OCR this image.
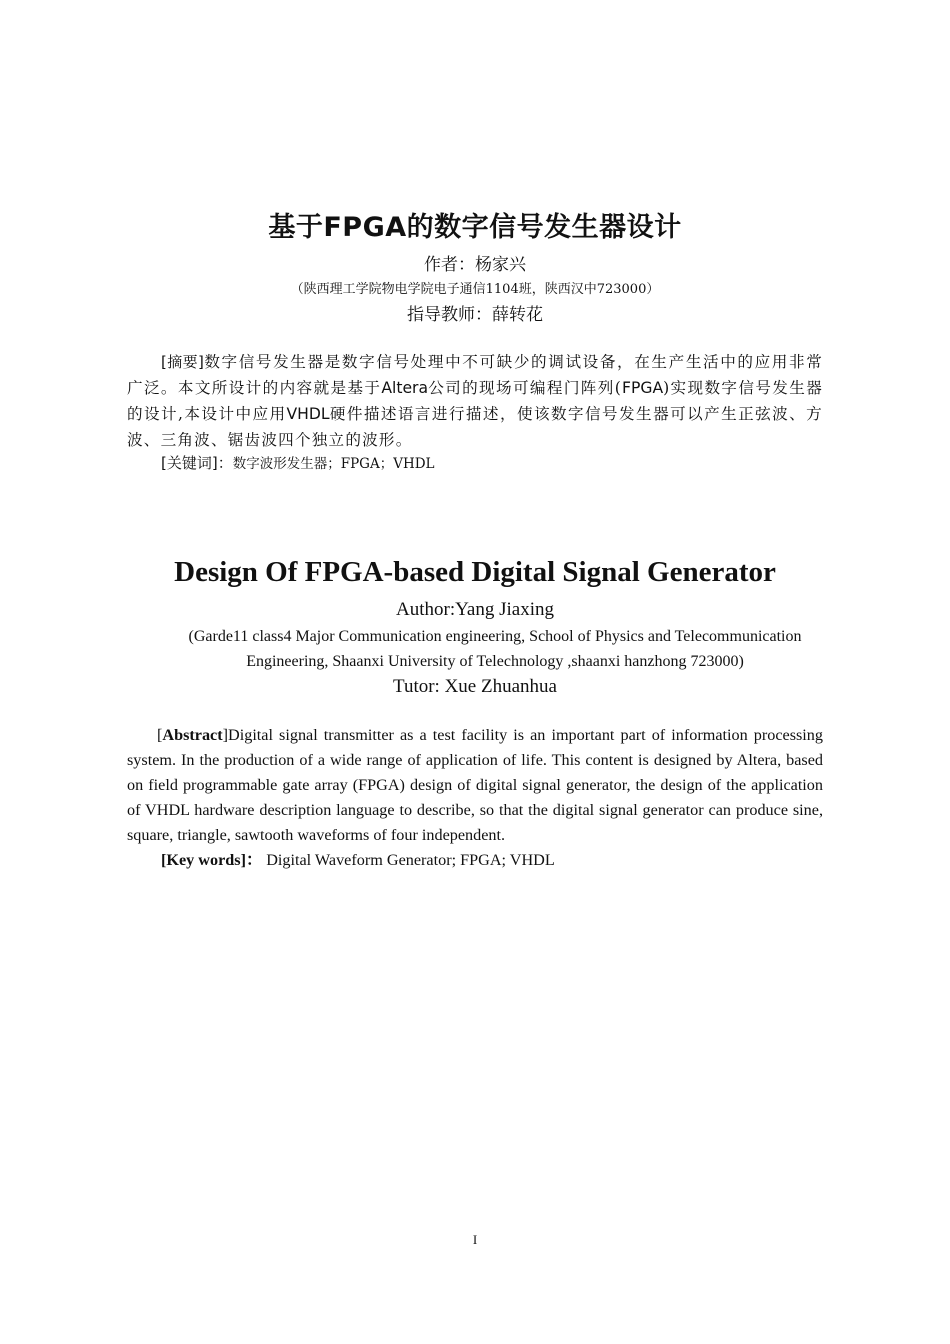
基于FPGA的数字信号发生器设计
作者：杨家兴
（陕西理工学院物电学院电子通信1104班，陕西汉中723000）
指导教师：薛转花

[摘要]数字信号发生器是数字信号处理中不可缺少的调试设备，在生产生活中的应用非常广泛。本文所设计的内容就是基于Altera公司的现场可编程门阵列(FPGA)实现数字信号发生器的设计,本设计中应用VHDL硬件描述语言进行描述，使该数字信号发生器可以产生正弦波、方波、三角波、锯齿波四个独立的波形。

[关键词]：数字波形发生器；FPGA；VHDL

Design Of FPGA-based Digital Signal Generator
Author:Yang Jiaxing

(Garde11 class4 Major Communication engineering, School of Physics and Telecommunication Engineering, Shaanxi University of Telechnology ,shaanxi hanzhong 723000)

Tutor: Xue Zhuanhua

[Abstract]Digital signal transmitter as a test facility is an important part of information processing system. In the production of a wide range of application of life. This content is designed by Altera, based on field programmable gate array (FPGA) design of digital signal generator, the design of the application of VHDL hardware description language to describe, so that the digital signal generator can produce sine, square, triangle, sawtooth waveforms of four independent.

[Key words]： Digital Waveform Generator; FPGA; VHDL

I
